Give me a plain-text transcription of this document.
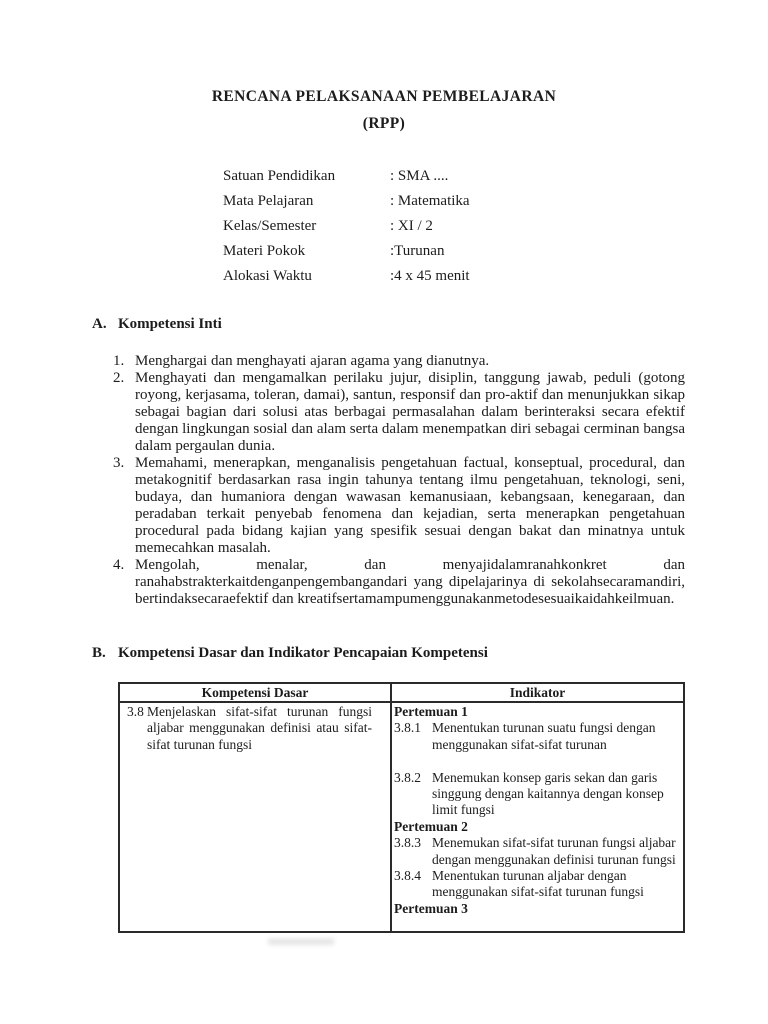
RENCANA PELAKSANAAN PEMBELAJARAN
(RPP)
Satuan Pendidikan	: SMA ....
Mata Pelajaran	: Matematika
Kelas/Semester	: XI / 2
Materi Pokok	:Turunan
Alokasi Waktu	:4 x 45 menit
A. Kompetensi Inti
1. Menghargai dan menghayati ajaran agama yang dianutnya.
2. Menghayati dan mengamalkan perilaku jujur, disiplin, tanggung jawab, peduli (gotong royong, kerjasama, toleran, damai), santun, responsif dan pro-aktif dan menunjukkan sikap sebagai bagian dari solusi atas berbagai permasalahan dalam berinteraksi secara efektif dengan lingkungan sosial dan alam serta dalam menempatkan diri sebagai cerminan bangsa dalam pergaulan dunia.
3. Memahami, menerapkan, menganalisis pengetahuan factual, konseptual, procedural, dan metakognitif berdasarkan rasa ingin tahunya tentang ilmu pengetahuan, teknologi, seni, budaya, dan humaniora dengan wawasan kemanusiaan, kebangsaan, kenegaraan, dan peradaban terkait penyebab fenomena dan kejadian, serta menerapkan pengetahuan procedural pada bidang kajian yang spesifik sesuai dengan bakat dan minatnya untuk memecahkan masalah.
4. Mengolah, menalar, dan menyajidalamranahkonkret dan ranahabstrakterkaitdenganpengembangandari yang dipelajarinya di sekolahsecaramandiri, bertindaksecaraefektif dan kreatifsertamampumenggunakanmetodesesuaikaidahkeilmuan.
B. Kompetensi Dasar dan Indikator Pencapaian Kompetensi
Kompetensi Dasar	Indikator
3.8 Menjelaskan sifat-sifat turunan fungsi aljabar menggunakan definisi atau sifat-sifat turunan fungsi
Pertemuan 1
3.8.1 Menentukan turunan suatu fungsi dengan menggunakan sifat-sifat turunan
3.8.2 Menemukan konsep garis sekan dan garis singgung dengan kaitannya dengan konsep limit fungsi
Pertemuan 2
3.8.3 Menemukan sifat-sifat turunan fungsi aljabar dengan menggunakan definisi turunan fungsi
3.8.4 Menentukan turunan aljabar dengan menggunakan sifat-sifat turunan fungsi
Pertemuan 3
